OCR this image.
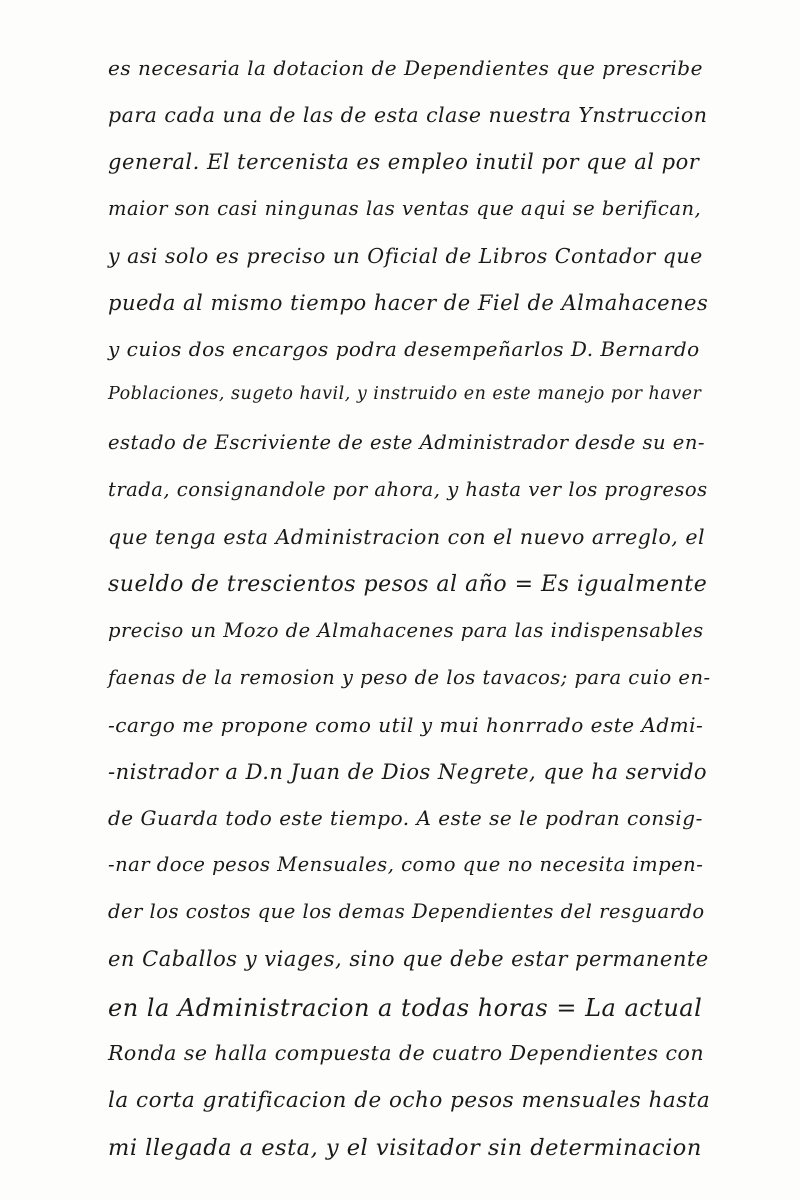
es necesaria la dotacion de Dependientes que prescribe
para cada una de las de esta clase nuestra Ynstruccion
general. El tercenista es empleo inutil por que al por
maior son casi ningunas las ventas que aqui se berifican,
y asi solo es preciso un Oficial de Libros Contador que
pueda al mismo tiempo hacer de Fiel de Almahacenes
y cuios dos encargos podra desempeñarlos D. Bernardo
Poblaciones, sugeto havil, y instruido en este manejo por haver
estado de Escriviente de este Administrador desde su en-
trada, consignandole por ahora, y hasta ver los progresos
que tenga esta Administracion con el nuevo arreglo, el
sueldo de trescientos pesos al año = Es igualmente
preciso un Mozo de Almahacenes para las indispensables
faenas de la remosion y peso de los tavacos; para cuio en-
-cargo me propone como util y mui honrrado este Admi-
-nistrador a D.n Juan de Dios Negrete, que ha servido
de Guarda todo este tiempo. A este se le podran consig-
-nar doce pesos Mensuales, como que no necesita impen-
der los costos que los demas Dependientes del resguardo
en Caballos y viages, sino que debe estar permanente
en la Administracion a todas horas = La actual
Ronda se halla compuesta de cuatro Dependientes con
la corta gratificacion de ocho pesos mensuales hasta
mi llegada a esta, y el visitador sin determinacion
